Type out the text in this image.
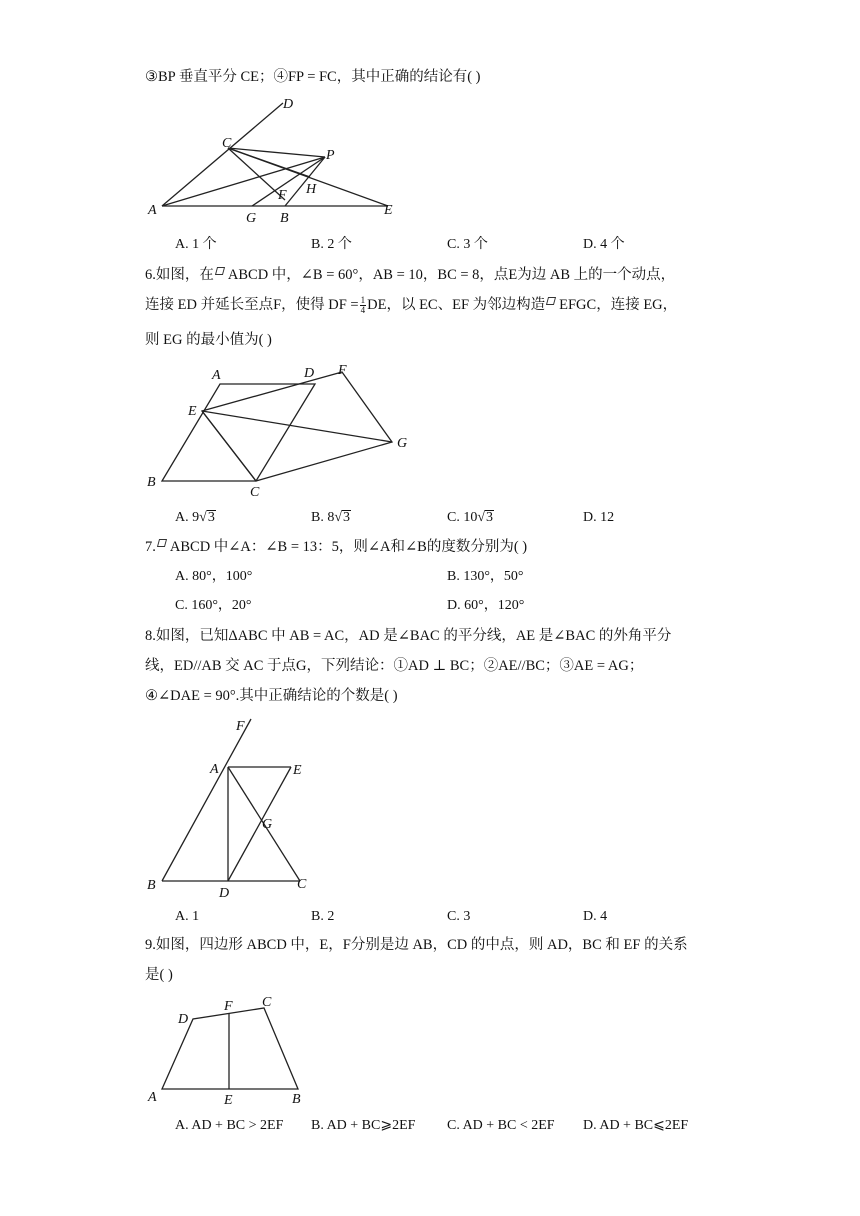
③BP 垂直平分 CE；④FP = FC，其中正确的结论有( )
A
G B
E
C
D
P
F H
A. 1 个	B. 2 个	C. 3 个	D. 4 个
6.如图，在 ABCD 中，∠B = 60°，AB = 10，BC = 8，点E为边 AB 上的一个动点，
连接 ED 并延长至点F，使得 DF = $\frac{1}{4}$ DE，以 EC、EF 为邻边构造 EFGC，连接 EG，
则 EG 的最小值为( )
A	D F
E
G
B
C
A. 9√3	B. 8√3	C. 10√3	D. 12
7. ABCD 中∠A：∠B = 13：5，则∠A和∠B的度数分别为( )
A. 80°，100°	B. 130°，50°
C. 160°，20°	D. 60°，120°
8.如图，已知ΔABC 中 AB = AC，AD 是∠BAC 的平分线，AE 是∠BAC 的外角平分
线，ED//AB 交 AC 于点G，下列结论：①AD ⊥ BC；②AE//BC；③AE = AG；
④∠DAE = 90°.其中正确结论的个数是( )
F
A	E
G
B
D
C
A. 1	B. 2	C. 3	D. 4
9.如图，四边形 ABCD 中，E，F分别是边 AB，CD 的中点，则 AD，BC 和 EF 的关系
是( )
F C
D
A	E	B
A. AD + BC > 2EF B. AD + BC⩾2EF C. AD + BC < 2EF D. AD + BC⩽2EF
